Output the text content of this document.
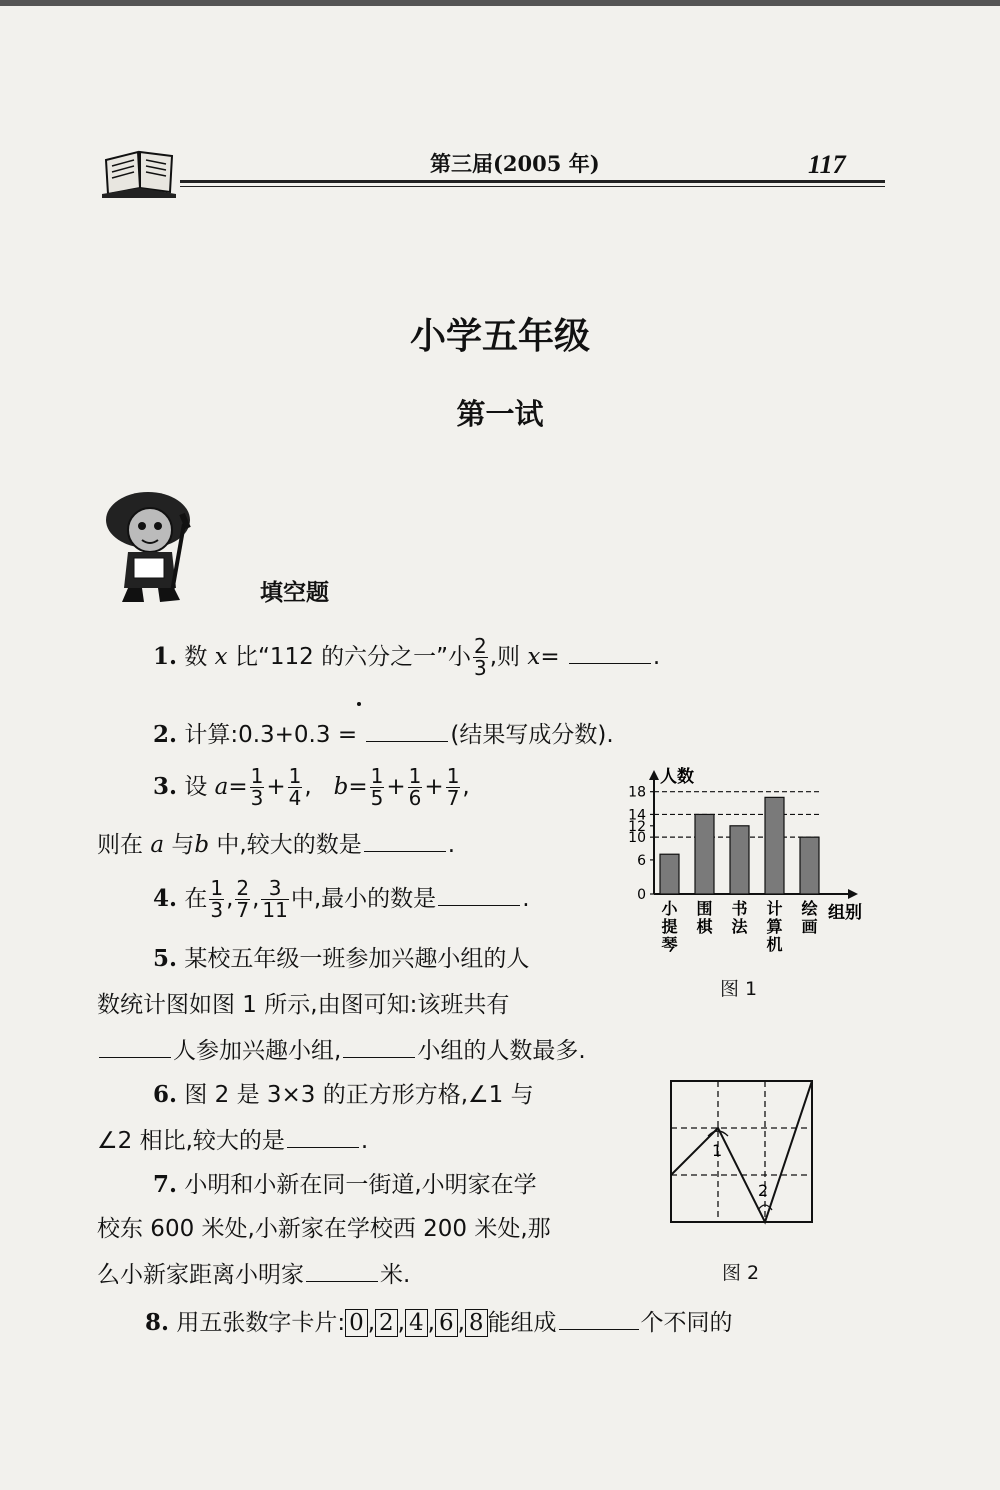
第三届(2005 年)	117
小学五年级
第一试
填空题
1. 数 x 比“112 的六分之一”小 $\frac{2}{3}$ ,则 x=	.
2. 计算:0.3+0.3 =	(结果写成分数).
3. 设 $a= \frac{1}{3} + \frac{1}{4}$ , $b= \frac{1}{5} + \frac{1}{6} + \frac{1}{7}$ ,
则在 a 与b 中,较大的数是	.
4. 在 $\frac{1}{3}$ , $\frac{2}{7}$ , $\frac{3}{11}$ 中,最小的数是	.
5. 某校五年级一班参加兴趣小组的人
数统计图如图 1 所示,由图可知:该班共有
人参加兴趣小组,	小组的人数最多.
6. 图 2 是 3×3 的正方形方格,∠1 与
∠2 相比,较大的是	.
7. 小明和小新在同一街道,小明家在学
校东 600 米处,小新家在学校西 200 米处,那
么小新家距离小明家	米.
8. 用五张数字卡片: 0 , 2 , 4 , 6 , 8 能组成	个不同的
人数
组别
0
6
10
12
14
18
小
提
琴
围
棋
书
法
计
算
机
绘
画
图 1
1
2
图 2
